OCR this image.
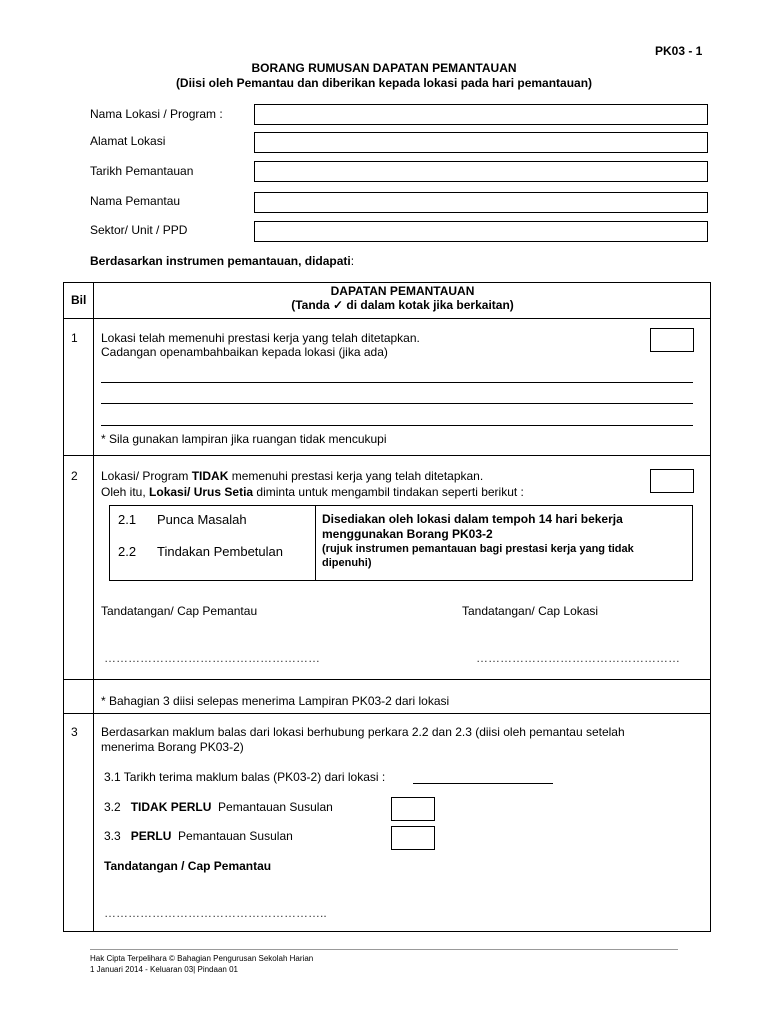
PK03 - 1
BORANG RUMUSAN DAPATAN PEMANTAUAN
(Diisi oleh Pemantau dan diberikan kepada lokasi pada hari pemantauan)
Nama Lokasi / Program :
Alamat Lokasi
Tarikh Pemantauan
Nama Pemantau
Sektor/ Unit / PPD
Berdasarkan instrumen pemantauan, didapati:
Bil
DAPATAN PEMANTAUAN
(Tanda ✓ di dalam kotak jika berkaitan)
1 Lokasi telah memenuhi prestasi kerja yang telah ditetapkan.
Cadangan openambahbaikan kepada lokasi (jika ada)
* Sila gunakan lampiran jika ruangan tidak mencukupi
2 Lokasi/ Program TIDAK memenuhi prestasi kerja yang telah ditetapkan.
Oleh itu, Lokasi/ Urus Setia diminta untuk mengambil tindakan seperti berikut :
2.1 Punca Masalah
2.2 Tindakan Pembetulan
Disediakan oleh lokasi dalam tempoh 14 hari bekerja
menggunakan Borang PK03-2
(rujuk instrumen pemantauan bagi prestasi kerja yang tidak
dipenuhi)
Tandatangan/ Cap Pemantau	Tandatangan/ Cap Lokasi
………………………………………………	……………………………………………
* Bahagian 3 diisi selepas menerima Lampiran PK03-2 dari lokasi
3 Berdasarkan maklum balas dari lokasi berhubung perkara 2.2 dan 2.3 (diisi oleh pemantau setelah
menerima Borang PK03-2)
3.1 Tarikh terima maklum balas (PK03-2) dari lokasi :
3.2 TIDAK PERLU Pemantauan Susulan
3.3 PERLU Pemantauan Susulan
Tandatangan / Cap Pemantau
………………………………………………..
Hak Cipta Terpelihara © Bahagian Pengurusan Sekolah Harian
1 Januari 2014 - Keluaran 03| Pindaan 01
